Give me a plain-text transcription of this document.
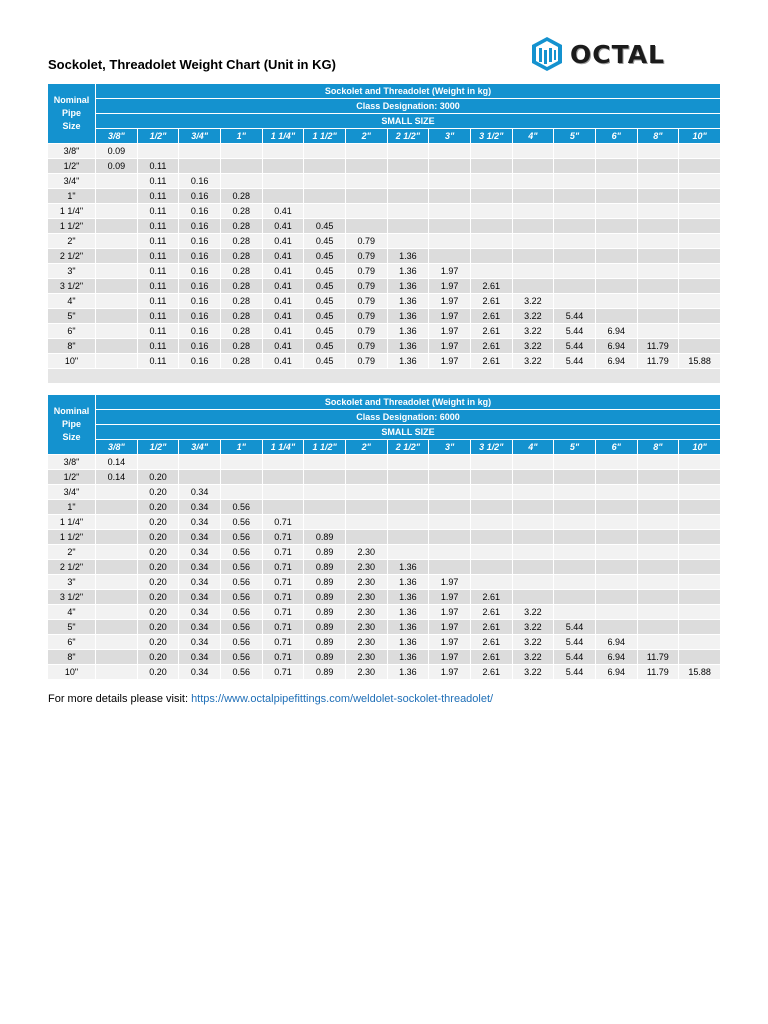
Sockolet, Threadolet Weight Chart (Unit in KG)	OCTAL
Nominal Pipe Size	Sockolet and Threadolet (Weight in kg)														
	Class Designation: 3000														
	SMALL SIZE														
	3/8"	1/2"	3/4"	1"	1 1/4"	1 1/2"	2"	2 1/2"	3"	3 1/2"	4"	5"	6"	8"	10"
3/8"	0.09														
1/2"	0.09	0.11													
3/4"		0.11	0.16												
1"		0.11	0.16	0.28											
1 1/4"		0.11	0.16	0.28	0.41										
1 1/2"		0.11	0.16	0.28	0.41	0.45									
2"		0.11	0.16	0.28	0.41	0.45	0.79								
2 1/2"		0.11	0.16	0.28	0.41	0.45	0.79	1.36							
3"		0.11	0.16	0.28	0.41	0.45	0.79	1.36	1.97						
3 1/2"		0.11	0.16	0.28	0.41	0.45	0.79	1.36	1.97	2.61					
4"		0.11	0.16	0.28	0.41	0.45	0.79	1.36	1.97	2.61	3.22				
5"		0.11	0.16	0.28	0.41	0.45	0.79	1.36	1.97	2.61	3.22	5.44			
6"		0.11	0.16	0.28	0.41	0.45	0.79	1.36	1.97	2.61	3.22	5.44	6.94		
8"		0.11	0.16	0.28	0.41	0.45	0.79	1.36	1.97	2.61	3.22	5.44	6.94	11.79	
10"		0.11	0.16	0.28	0.41	0.45	0.79	1.36	1.97	2.61	3.22	5.44	6.94	11.79	15.88

Nominal Pipe Size	Sockolet and Threadolet (Weight in kg)														
	Class Designation: 6000														
	SMALL SIZE														
	3/8"	1/2"	3/4"	1"	1 1/4"	1 1/2"	2"	2 1/2"	3"	3 1/2"	4"	5"	6"	8"	10"
3/8"	0.14														
1/2"	0.14	0.20													
3/4"		0.20	0.34												
1"		0.20	0.34	0.56											
1 1/4"		0.20	0.34	0.56	0.71										
1 1/2"		0.20	0.34	0.56	0.71	0.89									
2"		0.20	0.34	0.56	0.71	0.89	2.30								
2 1/2"		0.20	0.34	0.56	0.71	0.89	2.30	1.36							
3"		0.20	0.34	0.56	0.71	0.89	2.30	1.36	1.97						
3 1/2"		0.20	0.34	0.56	0.71	0.89	2.30	1.36	1.97	2.61					
4"		0.20	0.34	0.56	0.71	0.89	2.30	1.36	1.97	2.61	3.22				
5"		0.20	0.34	0.56	0.71	0.89	2.30	1.36	1.97	2.61	3.22	5.44			
6"		0.20	0.34	0.56	0.71	0.89	2.30	1.36	1.97	2.61	3.22	5.44	6.94		
8"		0.20	0.34	0.56	0.71	0.89	2.30	1.36	1.97	2.61	3.22	5.44	6.94	11.79	
10"		0.20	0.34	0.56	0.71	0.89	2.30	1.36	1.97	2.61	3.22	5.44	6.94	11.79	15.88
For more details please visit: https://www.octalpipefittings.com/weldolet-sockolet-threadolet/
